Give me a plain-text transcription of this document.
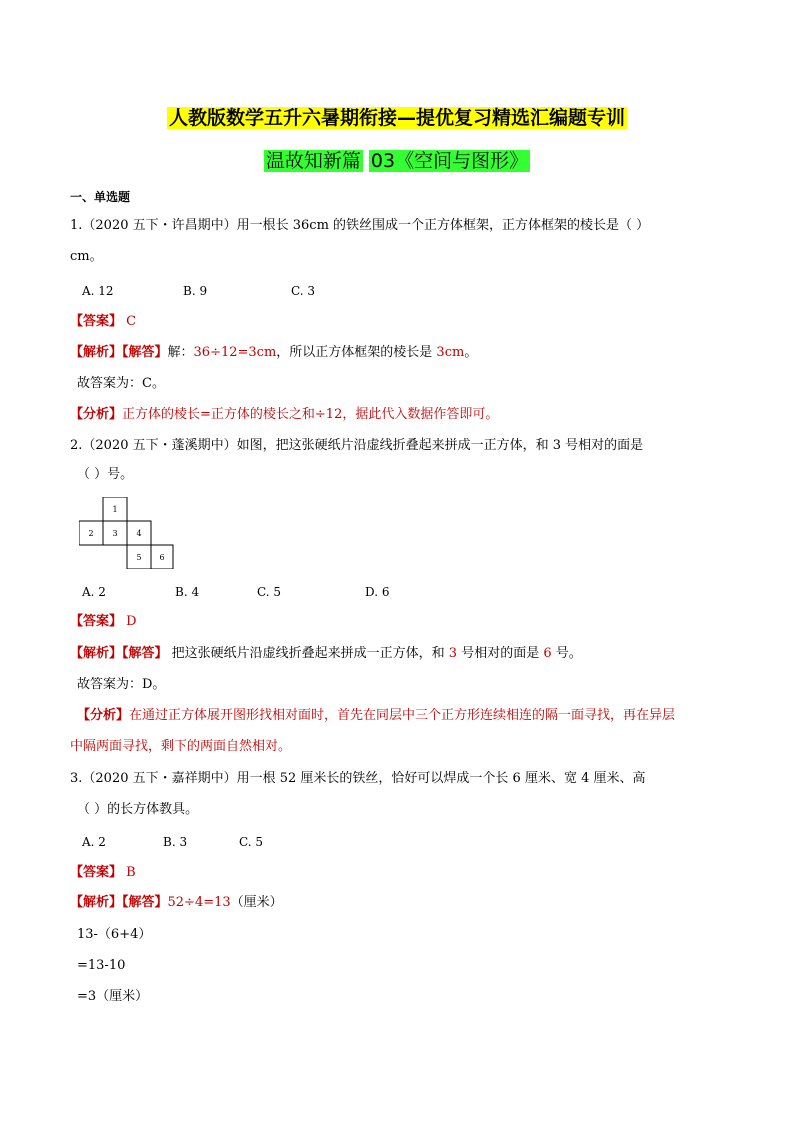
人教版数学五升六暑期衔接—提优复习精选汇编题专训
温故知新篇 03《空间与图形》
一、单选题
1.（2020 五下・许昌期中）用一根长 36cm 的铁丝围成一个正方体框架，正方体框架的棱长是（ ）
cm。
A. 12	B. 9	C. 3
【答案】 C
【解析】【解答】解：36÷12=3cm，所以正方体框架的棱长是 3cm。
故答案为：C。
【分析】正方体的棱长=正方体的棱长之和÷12，据此代入数据作答即可。
2.（2020 五下・蓬溪期中）如图，把这张硬纸片沿虚线折叠起来拼成一正方体，和 3 号相对的面是
（ ）号。
1
2 3 4
5 6
A. 2	B. 4	C. 5	D. 6
【答案】 D
【解析】【解答】 把这张硬纸片沿虚线折叠起来拼成一正方体，和 3 号相对的面是 6 号。
故答案为：D。
【分析】在通过正方体展开图形找相对面时，首先在同层中三个正方形连续相连的隔一面寻找，再在异层
中隔两面寻找，剩下的两面自然相对。
3.（2020 五下・嘉祥期中）用一根 52 厘米长的铁丝，恰好可以焊成一个长 6 厘米、宽 4 厘米、高
（ ）的长方体教具。
A. 2	B. 3	C. 5
【答案】 B
【解析】【解答】52÷4=13（厘米）
13-（6+4）
=13-10
=3（厘米）
